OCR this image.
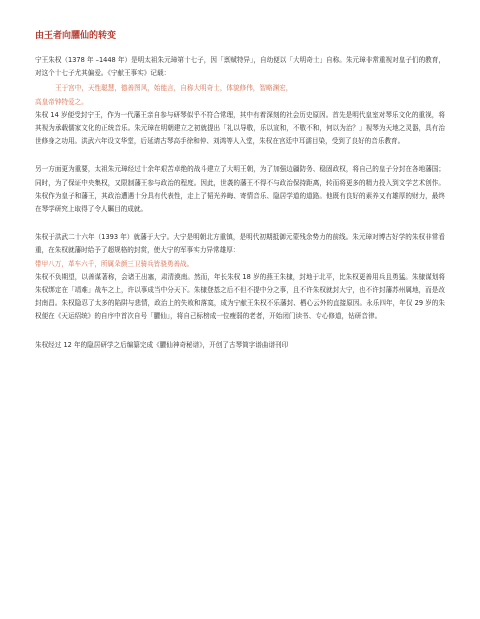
由王者向臞仙的转变

宁王朱权（1378 年 –1448 年）是明太祖朱元璋第十七子，因「禀赋特异」，自幼便以「大明奇士」自称。朱元璋非常重视对皇子们的教育，对这个十七子尤其偏爱。《宁献王事实》记载：

王于宫中，天性聪慧，德善图风，始能言，自称大明奇士，体貌修伟，智略渊宏，
高皇帝钟特爱之。

朱权 14 岁便受封宁王，作为一代藩王亲自参与研琴似乎不符合常理，其中有着深刻的社会历史原因。首先是明代皇室对琴乐文化的重视，将其视为承载儒家文化的正统音乐。朱元璋在明朝建立之初就提出「礼以导敬，乐以宣和，不敬不和，何以为治？」视琴为天地之灵器，具有治世修身之功用。洪武六年设文华堂，后延请古琴高手徐和仲、刘鸿等人入堂，朱权在宫廷中耳濡目染，受到了良好的音乐教育。

另一方面更为重要，太祖朱元璋经过十余年艰苦卓绝的战斗建立了大明王朝，为了加强边疆防务、稳固政权，将自己的皇子分封在各地藩国；同时，为了保证中央集权，又限制藩王参与政治的程度。因此，世袭的藩王不得不与政治保持距离，转而将更多的精力投入到文学艺术创作。朱权作为皇子和藩王，其政治遭遇十分具有代表性，走上了韬光养晦、寄情音乐、隐居学道的道路。他既有良好的素养又有雄厚的财力，最终在琴学研究上取得了令人瞩目的成就。

朱权于洪武二十六年（1393 年）就藩于大宁。大宁是明朝北方重镇，是明代初期抵御元蒙残余势力的前线。朱元璋对博古好学的朱权非常看重，在朱权就藩时给予了超规格的封赏，使大宁的军事实力异常雄厚：

带甲八万，革车六千，所属朵颜三卫骑兵皆骁勇善战。

朱权不负期望，以善谋著称，会诸王出塞，肃清漠南。然而，年长朱权 18 岁的燕王朱棣，封地于北平，比朱权更善用兵且勇猛。朱棣谋划将朱权绑定在「靖难」战车之上，许以事成当中分天下。朱棣登基之后不但不提中分之事，且不许朱权就封大宁，也不许封藩苏州属地，而是改封南昌。朱权隐忍了太多的陷阱与悲情，政治上的失败和落寞，成为宁献王朱权不乐藩封、栖心云外的直接原因。永乐四年，年仅 29 岁的朱权便在《天运绍统》的自序中首次自号「臞仙」，将自己标榜成一位瘦弱的老者，开始闭门读书、专心修道，钻研音律。

朱权经过 12 年的隐居研学之后编纂完成《臞仙神奇秘谱》，开创了古琴简字谱曲谱刊印
